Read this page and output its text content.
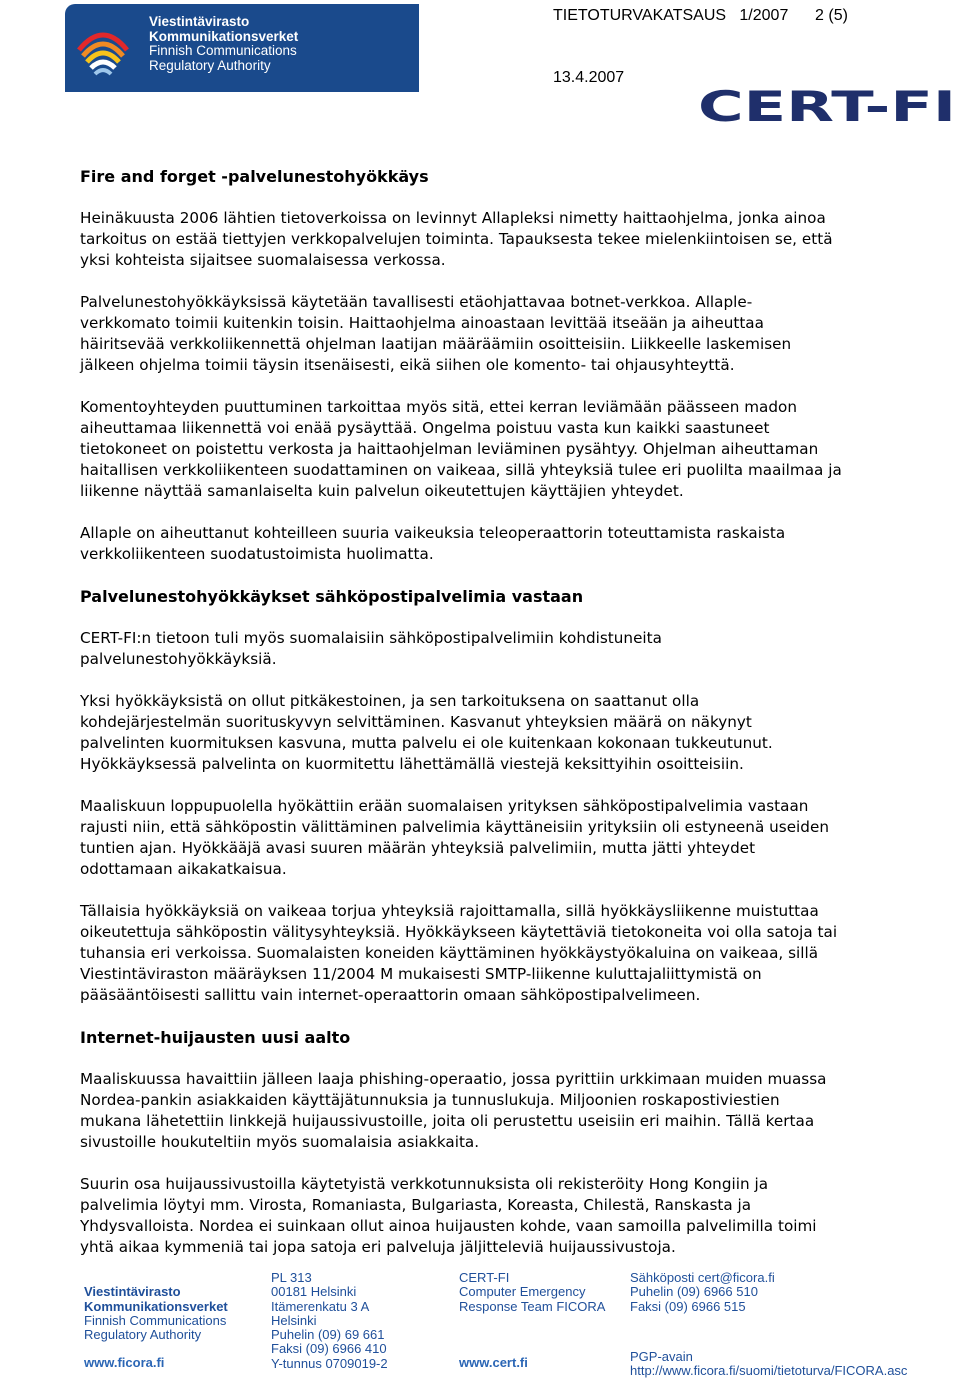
Viestintävirasto
Kommunikationsverket
Finnish Communications
Regulatory Authority
TIETOTURVAKATSAUS   1/2007      2 (5)
13.4.2007
CERT-FI
Fire and forget -palvelunestohyökkäys

Heinäkuusta 2006 lähtien tietoverkoissa on levinnyt Allapleksi nimetty haittaohjelma, jonka ainoa
tarkoitus on estää tiettyjen verkkopalvelujen toiminta. Tapauksesta tekee mielenkiintoisen se, että
yksi kohteista sijaitsee suomalaisessa verkossa.

Palvelunestohyökkäyksissä käytetään tavallisesti etäohjattavaa botnet-verkkoa. Allaple-
verkkomato toimii kuitenkin toisin. Haittaohjelma ainoastaan levittää itseään ja aiheuttaa
häiritsevää verkkoliikennettä ohjelman laatijan määräämiin osoitteisiin. Liikkeelle laskemisen
jälkeen ohjelma toimii täysin itsenäisesti, eikä siihen ole komento- tai ohjausyhteyttä.

Komentoyhteyden puuttuminen tarkoittaa myös sitä, ettei kerran leviämään päässeen madon
aiheuttamaa liikennettä voi enää pysäyttää. Ongelma poistuu vasta kun kaikki saastuneet
tietokoneet on poistettu verkosta ja haittaohjelman leviäminen pysähtyy. Ohjelman aiheuttaman
haitallisen verkkoliikenteen suodattaminen on vaikeaa, sillä yhteyksiä tulee eri puolilta maailmaa ja
liikenne näyttää samanlaiselta kuin palvelun oikeutettujen käyttäjien yhteydet.

Allaple on aiheuttanut kohteilleen suuria vaikeuksia teleoperaattorin toteuttamista raskaista
verkkoliikenteen suodatustoimista huolimatta.

Palvelunestohyökkäykset sähköpostipalvelimia vastaan

CERT-FI:n tietoon tuli myös suomalaisiin sähköpostipalvelimiin kohdistuneita
palvelunestohyökkäyksiä.

Yksi hyökkäyksistä on ollut pitkäkestoinen, ja sen tarkoituksena on saattanut olla
kohdejärjestelmän suorituskyvyn selvittäminen. Kasvanut yhteyksien määrä on näkynyt
palvelinten kuormituksen kasvuna, mutta palvelu ei ole kuitenkaan kokonaan tukkeutunut.
Hyökkäyksessä palvelinta on kuormitettu lähettämällä viestejä keksittyihin osoitteisiin.

Maaliskuun loppupuolella hyökättiin erään suomalaisen yrityksen sähköpostipalvelimia vastaan
rajusti niin, että sähköpostin välittäminen palvelimia käyttäneisiin yrityksiin oli estyneenä useiden
tuntien ajan. Hyökkääjä avasi suuren määrän yhteyksiä palvelimiin, mutta jätti yhteydet
odottamaan aikakatkaisua.

Tällaisia hyökkäyksiä on vaikeaa torjua yhteyksiä rajoittamalla, sillä hyökkäysliikenne muistuttaa
oikeutettuja sähköpostin välitysyhteyksiä. Hyökkäykseen käytettäviä tietokoneita voi olla satoja tai
tuhansia eri verkoissa. Suomalaisten koneiden käyttäminen hyökkäystyökaluina on vaikeaa, sillä
Viestintäviraston määräyksen 11/2004 M mukaisesti SMTP-liikenne kuluttajaliittymistä on
pääsääntöisesti sallittu vain internet-operaattorin omaan sähköpostipalvelimeen.

Internet-huijausten uusi aalto

Maaliskuussa havaittiin jälleen laaja phishing-operaatio, jossa pyrittiin urkkimaan muiden muassa
Nordea-pankin asiakkaiden käyttäjätunnuksia ja tunnuslukuja. Miljoonien roskapostiviestien
mukana lähetettiin linkkejä huijaussivustoille, joita oli perustettu useisiin eri maihin. Tällä kertaa
sivustoille houkuteltiin myös suomalaisia asiakkaita.

Suurin osa huijaussivustoilla käytetyistä verkkotunnuksista oli rekisteröity Hong Kongiin ja
palvelimia löytyi mm. Virosta, Romaniasta, Bulgariasta, Koreasta, Chilestä, Ranskasta ja
Yhdysvalloista. Nordea ei suinkaan ollut ainoa huijausten kohde, vaan samoilla palvelimilla toimi
yhtä aikaa kymmeniä tai jopa satoja eri palveluja jäljitteleviä huijaussivustoja.

Viestintävirasto
Kommunikationsverket
Finnish Communications
Regulatory Authority

www.ficora.fi
PL 313
00181 Helsinki
Itämerenkatu 3 A
Helsinki
Puhelin (09) 69 661
Faksi (09) 6966 410
Y-tunnus 0709019-2
CERT-FI
Computer Emergency
Response Team FICORA
www.cert.fi
Sähköposti cert@ficora.fi
Puhelin (09) 6966 510
Faksi (09) 6966 515
PGP-avain
http://www.ficora.fi/suomi/tietoturva/FICORA.asc
